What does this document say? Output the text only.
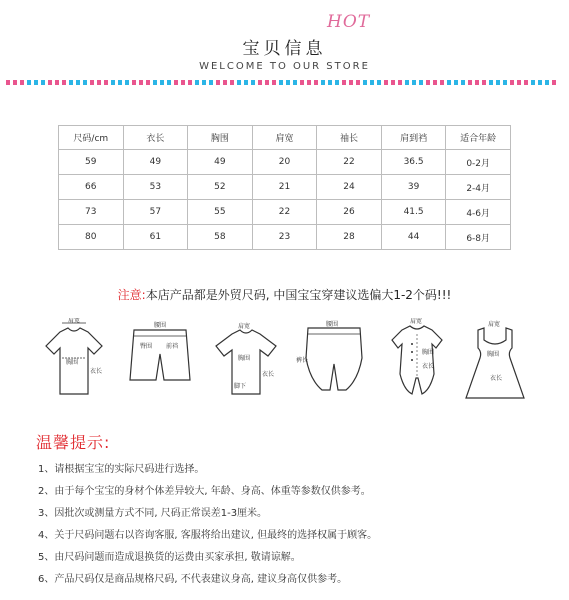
宝贝信息
HOT
WELCOME TO OUR STORE
尺码/cm	衣长	胸围	肩宽	袖长	肩到裆	适合年龄
59	49	49	20	22	36.5	0-2月
66	53	52	21	24	39	2-4月
73	57	55	22	26	41.5	4-6月
80	61	58	23	28	44	6-8月
注意:本店产品都是外贸尺码, 中国宝宝穿建议选偏大1-2个码!!!
肩宽
胸围
衣长
腰围
臀围 前裆
肩宽
胸围
衣长
脚下
腰围
裤长
肩宽
胸围
衣长
肩宽
胸围
衣长
温馨提示:
1、请根据宝宝的实际尺码进行选择。
2、由于每个宝宝的身材个体差异较大, 年龄、身高、体重等参数仅供参考。
3、因批次或测量方式不同, 尺码正常误差1-3厘米。
4、关于尺码问题右以咨询客服, 客服将给出建议, 但最终的选择权属于顾客。
5、由尺码问题而造成退换货的运费由买家承担, 敬请谅解。
6、产品尺码仅是商品规格尺码, 不代表建议身高, 建议身高仅供参考。
